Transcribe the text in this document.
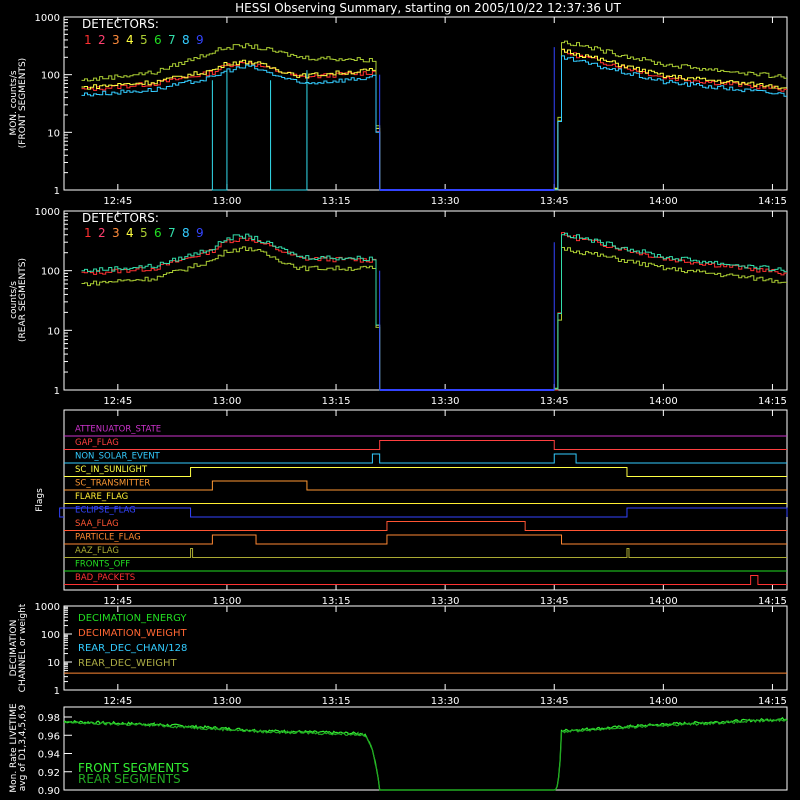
HESSI Observing Summary, starting on 2005/10/22 12:37:36 UT
MON. counts/s (FRONT SEGMENTS)
counts/s (REAR SEGMENTS)
Flags
DECIMATION CHANNEL or weight
Mon. Rate LIVETIME avg of D1,3,4,5,6,9
DETECTORS:
1 2 3 4 5 6 7 8 9
DETECTORS:
1 2 3 4 5 6 7 8 9
DECIMATION_ENERGY
DECIMATION_WEIGHT
REAR_DEC_CHAN/128
REAR_DEC_WEIGHT
FRONT SEGMENTS
REAR SEGMENTS
12:45	13:00	13:15	13:30	13:45	14:00	14:15
12:45	13:00	13:15	13:30	13:45	14:00	14:15
12:45	13:00	13:15	13:30	13:45	14:00	14:15
12:45	13:00	13:15	13:30	13:45	14:00	14:15
1000
100
10
1
1000
100
10
1
1000
100
10
1
0.98
0.96
0.94
0.92
0.90
ATTENUATOR_STATE
GAP_FLAG
NON_SOLAR_EVENT
SC_IN_SUNLIGHT
SC_TRANSMITTER
FLARE_FLAG
ECLIPSE_FLAG
SAA_FLAG
PARTICLE_FLAG
AAZ_FLAG
FRONTS_OFF
BAD_PACKETS
